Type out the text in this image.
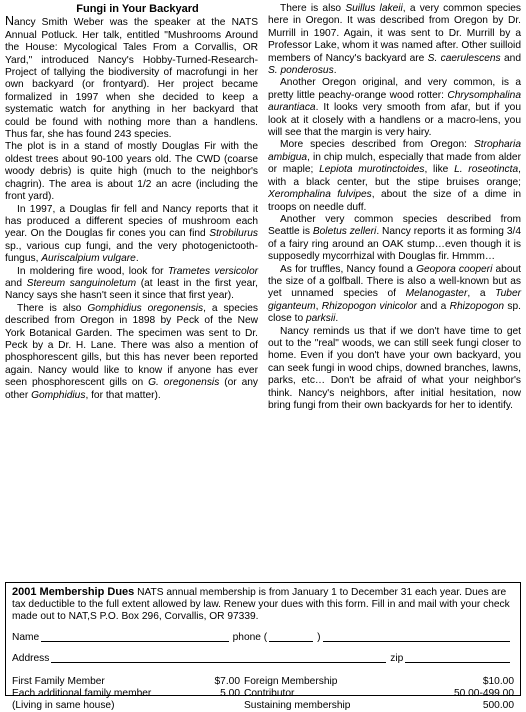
Fungi in Your Backyard

Nancy Smith Weber was the speaker at the NATS Annual Potluck. Her talk, entitled "Mushrooms Around the House: Mycological Tales From a Corvallis, OR Yard," introduced Nancy's Hobby-Turned-Research-Project of tallying the biodiversity of macrofungi in her own backyard (or frontyard). Her project became formalized in 1997 when she decided to keep a systematic watch for anything in her backyard that could be found with nothing more than a handlens. Thus far, she has found 243 species.

The plot is in a stand of mostly Douglas Fir with the oldest trees about 90-100 years old. The CWD (coarse woody debris) is quite high (much to the neighbor's chagrin). The area is about 1/2 an acre (including the front yard).

In 1997, a Douglas fir fell and Nancy reports that it has produced a different species of mushroom each year. On the Douglas fir cones you can find Strobilurus sp., various cup fungi, and the very photogenictooth-fungus, Auriscalpium vulgare.

In moldering fire wood, look for Trametes versicolor and Stereum sanguinoletum (at least in the first year, Nancy says she hasn't seen it since that first year).

There is also Gomphidius oregonensis, a species described from Oregon in 1898 by Peck of the New York Botanical Garden. The specimen was sent to Dr. Peck by a Dr. H. Lane. There was also a mention of phosphorescent gills, but this has never been reported again. Nancy would like to know if anyone has ever seen phosphorescent gills on G. oregonensis (or any other Gomphidius, for that matter).

There is also Suillus lakeii, a very common species here in Oregon. It was described from Oregon by Dr. Murrill in 1907. Again, it was sent to Dr. Murrill by a Professor Lake, whom it was named after. Other suilloid members of Nancy's backyard are S. caerulescens and S. ponderosus.

Another Oregon original, and very common, is a pretty little peachy-orange wood rotter: Chrysomphalina aurantiaca. It looks very smooth from afar, but if you look at it closely with a handlens or a macro-lens, you will see that the margin is very hairy.

More species described from Oregon: Stropharia ambigua, in chip mulch, especially that made from alder or maple; Lepiota murotinctoides, like L. roseotincta, with a black center, but the stipe bruises orange; Xeromphalina fulvipes, about the size of a dime in troops on needle duff.

Another very common species described from Seattle is Boletus zelleri. Nancy reports it as forming 3/4 of a fairy ring around an OAK stump…even though it is supposedly mycorrhizal with Douglas fir. Hmmm…

As for truffles, Nancy found a Geopora cooperi about the size of a golfball. There is also a well-known but as yet unnamed species of Melanogaster, a Tuber giganteum, Rhizopogon vinicolor and a Rhizopogon sp. close to parksii.

Nancy reminds us that if we don't have time to get out to the "real" woods, we can still seek fungi closer to home. Even if you don't have your own backyard, you can seek fungi in wood chips, downed branches, lawns, parks, etc… Don't be afraid of what your neighbor's think. Nancy's neighbors, after initial hesitation, now bring fungi from their own backyards for her to identify.

2001 Membership Dues NATS annual membership is from January 1 to December 31 each year. Dues are tax deductible to the full extent allowed by law. Renew your dues with this form. Fill in and mail with your check made out to NAT,S P.O. Box 296, Corvallis, OR 97339.
Name	phone (	)
Address	zip
First Family Member	$7.00
Each additional family member	5.00
(Living in same house)
Foreign Membership	$10.00
Contributor	50.00-499.00
Sustaining membership	500.00
